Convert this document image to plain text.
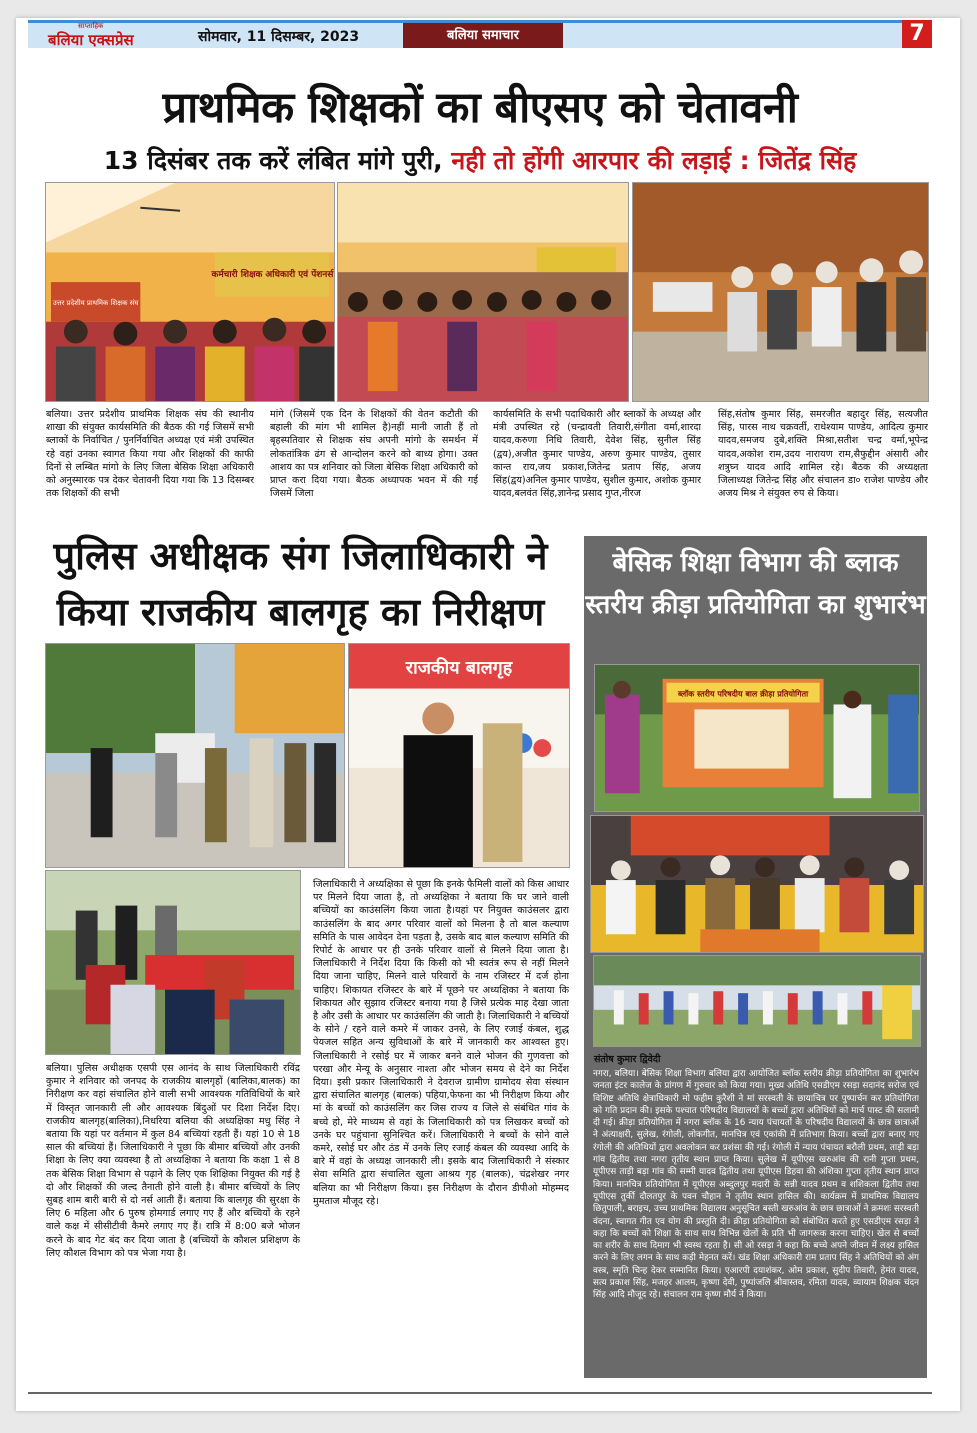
साप्ताहिक
बलिया एक्सप्रेस	सोमवार, 11 दिसम्बर, 2023	बलिया समाचार	7
प्राथमिक शिक्षकों का बीएसए को चेतावनी
13 दिसंबर तक करें लंबित मांगे पुरी, नही तो होंगी आरपार की लड़ाई : जितेंद्र सिंह
कर्मचारी शिक्षक अधिकारी एवं पेंशनर्स
उत्तर प्रदेशीय प्राथमिक शिक्षक संघ
बलिया। उत्तर प्रदेशीय प्राथमिक शिक्षक संघ की स्थानीय शाखा की संयुक्त कार्यसमिति की बैठक की गई जिसमें सभी ब्लाकों के निर्वाचित / पुनर्निर्वाचित अध्यक्ष एवं मंत्री उपस्थित रहे वहां उनका स्वागत किया गया और शिक्षकों की काफी दिनों से लम्बित मांगो के लिए जिला बेसिक शिक्षा अधिकारी को अनुस्मारक पत्र देकर चेतावनी दिया गया कि 13 दिसम्बर तक शिक्षकों की सभी
मांगे (जिसमें एक दिन के शिक्षकों की वेतन कटौती की बहाली की मांग भी शामिल है)नहीं मानी जाती हैं तो बृहस्पतिवार से शिक्षक संघ अपनी मांगो के समर्थन में लोकतांत्रिक ढंग से आन्दोलन करने को बाध्य होगा। उक्त आशय का पत्र शनिवार को जिला बेसिक शिक्षा अधिकारी को प्राप्त करा दिया गया। बैठक अध्यापक भवन में की गई जिसमें जिला
कार्यसमिति के सभी पदाधिकारी और ब्लाकों के अध्यक्ष और मंत्री उपस्थित रहे (चन्द्रावती तिवारी,संगीता वर्मा,शारदा यादव,करुणा निधि तिवारी, देवेश सिंह, सुनील सिंह (द्वय),अजीत कुमार पाण्डेय, अरुण कुमार पाण्डेय, तुसार कान्त राय,जय प्रकाश,जितेन्द्र प्रताप सिंह, अजय सिंह(द्वय)अनिल कुमार पाण्डेय, सुशील कुमार, अशोक कुमार यादव,बलवंत सिंह,ज्ञानेन्द्र प्रसाद गुप्त,नीरज
सिंह,संतोष कुमार सिंह, समरजीत बहादुर सिंह, सत्यजीत सिंह, पारस नाथ चक्रवर्ती, राधेश्याम पाण्डेय, आदित्य कुमार यादव,समजय दुबे,शक्ति मिश्रा,सतीश चन्द्र वर्मा,भूपेन्द्र यादव,अकोश राम,उदय नारायण राम,सैफुद्दीन अंसारी और शत्रुघ्न यादव आदि शामिल रहे। बैठक की अध्यक्षता जिलाध्यक्ष जितेन्द्र सिंह और संचालन डा० राजेश पाण्डेय और अजय मिश्र ने संयुक्त रुप से किया।
पुलिस अधीक्षक संग जिलाधिकारी ने किया राजकीय बालगृह का निरीक्षण
राजकीय बालगृह
बलिया। पुलिस अधीक्षक एसपी एस आनंद के साथ जिलाधिकारी रविंद्र कुमार ने शनिवार को जनपद के राजकीय बालगृहों (बालिका,बालक) का निरीक्षण कर वहां संचालित होने वाली सभी आवश्यक गतिविधियों के बारे में विस्तृत जानकारी ली और आवश्यक बिंदुओं पर दिशा निर्देश दिए। राजकीय बालगृह(बालिका),निधरिया बलिया की अध्यक्षिका मधु सिंह ने बताया कि यहां पर वर्तमान में कुल 84 बच्चियां रहती हैं। यहां 10 से 18 साल की बच्चियां हैं। जिलाधिकारी ने पूछा कि बीमार बच्चियों और उनकी शिक्षा के लिए क्या व्यवस्था है तो अध्यक्षिका ने बताया कि कक्षा 1 से 8 तक बेसिक शिक्षा विभाग से पढ़ाने के लिए एक शिक्षिका नियुक्त की गई है दो और शिक्षकों की जल्द तैनाती होने वाली है। बीमार बच्चियों के लिए सुबह शाम बारी बारी से दो नर्स आती हैं। बताया कि बालगृह की सुरक्षा के लिए 6 महिला और 6 पुरुष होमगार्ड लगाए गए हैं और बच्चियों के रहने वाले कक्ष में सीसीटीवी कैमरे लगाए गए हैं। रात्रि में 8:00 बजे भोजन करने के बाद गेट बंद कर दिया जाता है (बच्चियों के कौशल प्रशिक्षण के लिए कौशल विभाग को पत्र भेजा गया है।
जिलाधिकारी ने अध्यक्षिका से पूछा कि इनके फैमिली वालों को किस आधार पर मिलने दिया जाता है, तो अध्यक्षिका ने बताया कि घर जाने वाली बच्चियों का काउंसलिंग किया जाता है।यहां पर नियुक्त काउंसलर द्वारा काउंसलिंग के बाद अगर परिवार वालों को मिलना है तो बाल कल्याण समिति के पास आवेदन देना पड़ता है, उसके बाद बाल कल्याण समिति की रिपोर्ट के आधार पर ही उनके परिवार वालों से मिलने दिया जाता है। जिलाधिकारी ने निर्देश दिया कि किसी को भी स्वतंत्र रूप से नहीं मिलने दिया जाना चाहिए, मिलने वाले परिवारों के नाम रजिस्टर में दर्ज होना चाहिए। शिकायत रजिस्टर के बारे में पूछने पर अध्यक्षिका ने बताया कि शिकायत और सुझाव रजिस्टर बनाया गया है जिसे प्रत्येक माह देखा जाता है और उसी के आधार पर काउंसलिंग की जाती है। जिलाधिकारी ने बच्चियों के सोने / रहने वाले कमरे में जाकर उनसे, के लिए रजाई कंबल, शुद्ध पेयजल सहित अन्य सुविधाओं के बारे में जानकारी कर आश्वस्त हुए। जिलाधिकारी ने रसोई घर में जाकर बनने वाले भोजन की गुणवत्ता को परखा और मेन्यू के अनुसार नाश्ता और भोजन समय से देने का निर्देश दिया। इसी प्रकार जिलाधिकारी ने देवराज ग्रामीण ग्रामोदय सेवा संस्थान द्वारा संचालित बालगृह (बालक) पहिया,फेफना का भी निरीक्षण किया और मां के बच्चों को काउंसलिंग कर जिस राज्य व जिले से संबंधित गांव के बच्चे हो, मेरे माध्यम से वहां के जिलाधिकारी को पत्र लिखकर बच्चों को उनके घर पहुंचाना सुनिश्चित करें। जिलाधिकारी ने बच्चों के सोने वाले कमरे, रसोई घर और ठंड में उनके लिए रजाई कंबल की व्यवस्था आदि के बारे में वहां के अध्यक्ष जानकारी ली। इसके बाद जिलाधिकारी ने संस्कार सेवा समिति द्वारा संचालित खुला आश्रय गृह (बालक), चंद्रशेखर नगर बलिया का भी निरीक्षण किया। इस निरीक्षण के दौरान डीपीओ मोहम्मद मुमताज मौजूद रहे।
बेसिक शिक्षा विभाग की ब्लाक स्तरीय क्रीड़ा प्रतियोगिता का शुभारंभ
ब्लॉक स्तरीय परिषदीय बाल क्रीड़ा प्रतियोगिता
संतोष कुमार द्विवेदी
नगरा, बलिया। बेसिक शिक्षा विभाग बलिया द्वारा आयोजित ब्लॉक स्तरीय क्रीड़ा प्रतियोगिता का शुभारंभ जनता इंटर कालेज के प्रांगण में गुरुवार को किया गया। मुख्य अतिथि एसडीएम रसड़ा सदानंद सरोज एवं विशिष्ट अतिथि क्षेत्राधिकारी मो फहीम कुरैशी ने मां सरस्वती के छायाचित्र पर पुष्पार्चन कर प्रतियोगिता को गति प्रदान की। इसके पश्चात परिषदीय विद्यालयों के बच्चों द्वारा अतिथियों को मार्च पास्ट की सलामी दी गई। क्रीड़ा प्रतियोगिता में नगरा ब्लॉक के 16 न्याय पंचायतों के परिषदीय विद्यालयों के छात्र छात्राओं ने अंत्याक्षरी, सुलेख, रंगोली, लोकगीत, मानचित्र एवं एकांकी में प्रतिभाग किया। बच्चों द्वारा बनाए गए रंगोली की अतिथियों द्वारा अवलोकन कर प्रशंसा की गई। रंगोली में न्याय पंचायत बरौली प्रथम, ताड़ी बड़ा गांव द्वितीय तथा नगरा तृतीय स्थान प्राप्त किया। सुलेख में यूपीएस खरुआंव की रानी गुप्ता प्रथम, यूपीएस ताड़ी बड़ा गांव की सम्मी यादव द्वितीय तथा यूपीएस डिहवा की अंशिका गुप्ता तृतीय स्थान प्राप्त किया। मानचित्र प्रतियोगिता में यूपीएस अब्दुलपुर मदारी के सन्नी यादव प्रथम व शशिकला द्वितीय तथा यूपीएस तुर्की दौलतपुर के पवन चौहान ने तृतीय स्थान हासिल की। कार्यक्रम में प्राथमिक विद्यालय छितुपाली, बराइच, उच्च प्राथमिक विद्यालय अनुसूचित बस्ती खरुआंव के छात्र छात्राओं ने क्रमशः सरस्वती वंदना, स्वागत गीत एव योग की प्रस्तुति दी। क्रीड़ा प्रतियोगिता को संबोधित करते हुए एसडीएम रसड़ा ने कहा कि बच्चों को शिक्षा के साथ साथ विभिन्न खेलों के प्रति भी जागरूक करना चाहिए। खेल से बच्चों का शरीर के साथ दिमाग भी स्वस्थ रहता है। सी ओ रसड़ा ने कहा कि बच्चे अपने जीवन में लक्ष्य हासिल करने के लिए लगन के साथ कड़ी मेहनत करें। खंड शिक्षा अधिकारी राम प्रताप सिंह ने अतिथियों को अंग वस्त्र, स्मृति चिन्ह देकर सम्मानित किया। एआरपी दयाशंकर, ओम प्रकाश, सुदीप तिवारी, हेमंत यादव, सत्य प्रकाश सिंह, मजहर आलम, कृष्णा देवी, पुष्पांजलि श्रीवास्तव, रमिता यादव, व्यायाम शिक्षक चंदन सिंह आदि मौजूद रहे। संचालन राम कृष्ण मौर्य ने किया।
